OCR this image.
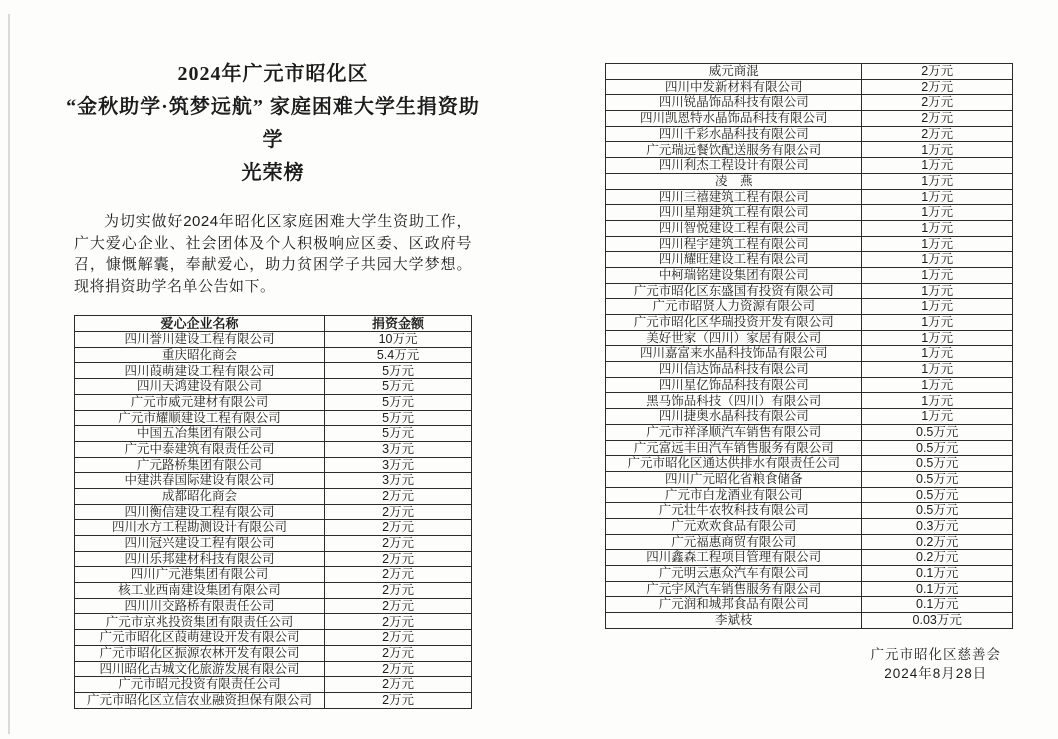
2024年广元市昭化区
“金秋助学·筑梦远航” 家庭困难大学生捐资助学
光荣榜

为切实做好2024年昭化区家庭困难大学生资助工作，广大爱心企业、社会团体及个人积极响应区委、区政府号召，慷慨解囊，奉献爱心，助力贫困学子共园大学梦想。现将捐资助学名单公告如下。

爱心企业名称	捐资金额
四川誉川建设工程有限公司	10万元
重庆昭化商会	5.4万元
四川葭萌建设工程有限公司	5万元
四川天鸿建设有限公司	5万元
广元市威元建材有限公司	5万元
广元市耀顺建设工程有限公司	5万元
中国五冶集团有限公司	5万元
广元中泰建筑有限责任公司	3万元
广元路桥集团有限公司	3万元
中建洪春国际建设有限公司	3万元
成都昭化商会	2万元
四川衡信建设工程有限公司	2万元
四川水方工程勘测设计有限公司	2万元
四川冠兴建设工程有限公司	2万元
四川乐邦建材科技有限公司	2万元
四川广元港集团有限公司	2万元
核工业西南建设集团有限公司	2万元
四川川交路桥有限责任公司	2万元
广元市京兆投资集团有限责任公司	2万元
广元市昭化区葭萌建设开发有限公司	2万元
广元市昭化区振源农林开发有限公司	2万元
四川昭化古城文化旅游发展有限公司	2万元
广元市昭元投资有限责任公司	2万元
广元市昭化区立信农业融资担保有限公司	2万元
威元商混	2万元
四川中发新材料有限公司	2万元
四川锐晶饰品科技有限公司	2万元
四川凯恩特水晶饰品科技有限公司	2万元
四川千彩水晶科技有限公司	2万元
广元瑞远餐饮配送服务有限公司	1万元
四川利杰工程设计有限公司	1万元
凌　燕	1万元
四川三禧建筑工程有限公司	1万元
四川星翔建筑工程有限公司	1万元
四川智悦建设工程有限公司	1万元
四川程宇建筑工程有限公司	1万元
四川耀旺建设工程有限公司	1万元
中柯瑞铭建设集团有限公司	1万元
广元市昭化区东盛国有投资有限公司	1万元
广元市昭贤人力资源有限公司	1万元
广元市昭化区华瑞投资开发有限公司	1万元
美好世家（四川）家居有限公司	1万元
四川嘉富来水晶科技饰品有限公司	1万元
四川信达饰品科技有限公司	1万元
四川星亿饰品科技有限公司	1万元
黑马饰品科技（四川）有限公司	1万元
四川捷奥水晶科技有限公司	1万元
广元市祥泽顺汽车销售有限公司	0.5万元
广元富远丰田汽车销售服务有限公司	0.5万元
广元市昭化区通达供排水有限责任公司	0.5万元
四川广元昭化省粮食储备	0.5万元
广元市白龙酒业有限公司	0.5万元
广元壮牛农牧科技有限公司	0.5万元
广元欢欢食品有限公司	0.3万元
广元福惠商贸有限公司	0.2万元
四川鑫森工程项目管理有限公司	0.2万元
广元明云惠众汽车有限公司	0.1万元
广元宇风汽车销售服务有限公司	0.1万元
广元润和城邦食品有限公司	0.1万元
李斌枝	0.03万元
广元市昭化区慈善会
2024年8月28日
